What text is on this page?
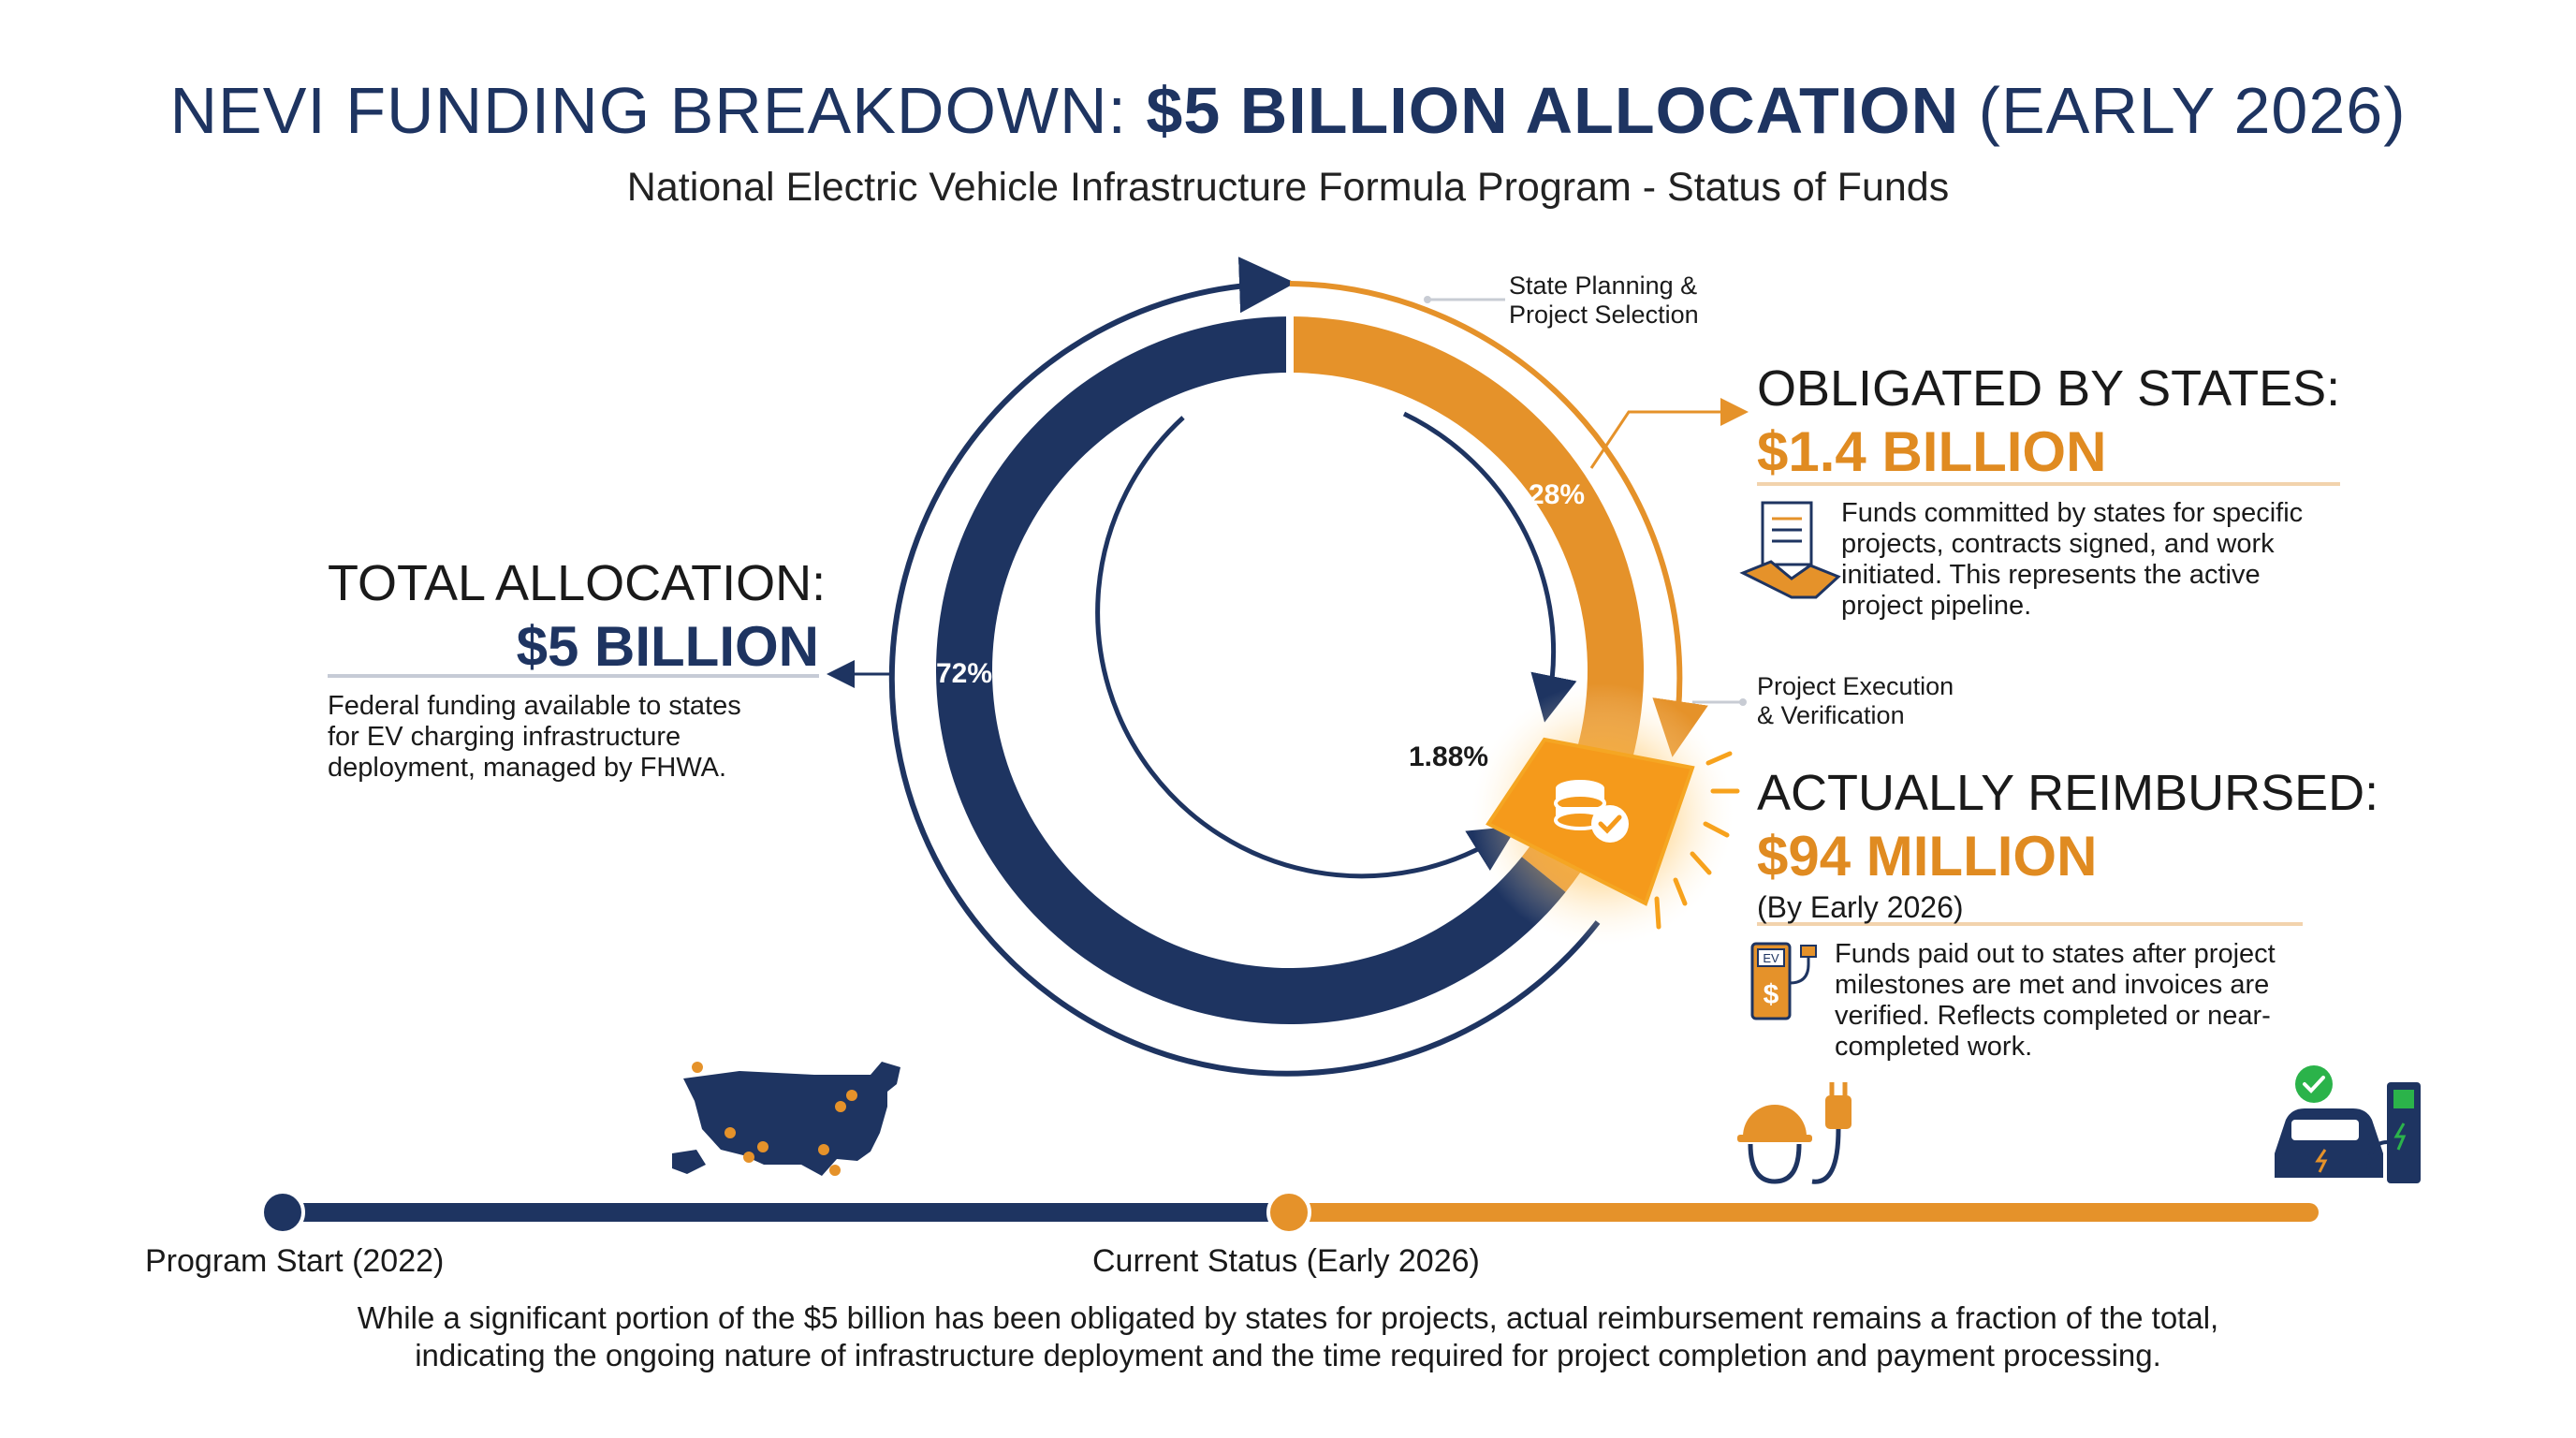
NEVI FUNDING BREAKDOWN: $5 BILLION ALLOCATION (EARLY 2026)
National Electric Vehicle Infrastructure Formula Program - Status of Funds
EV
$
72%
28%
1.88%
State Planning &
Project Selection
Project Execution
& Verification
TOTAL ALLOCATION:
$5 BILLION
Federal funding available to states
for EV charging infrastructure
deployment, managed by FHWA.
OBLIGATED BY STATES:
$1.4 BILLION
Funds committed by states for specific
projects, contracts signed, and work
initiated. This represents the active
project pipeline.
ACTUALLY REIMBURSED:
$94 MILLION
(By Early 2026)
Funds paid out to states after project
milestones are met and invoices are
verified. Reflects completed or near-
completed work.
Program Start (2022)	Current Status (Early 2026)
While a significant portion of the $5 billion has been obligated by states for projects, actual reimbursement remains a fraction of the total,
indicating the ongoing nature of infrastructure deployment and the time required for project completion and payment processing.
